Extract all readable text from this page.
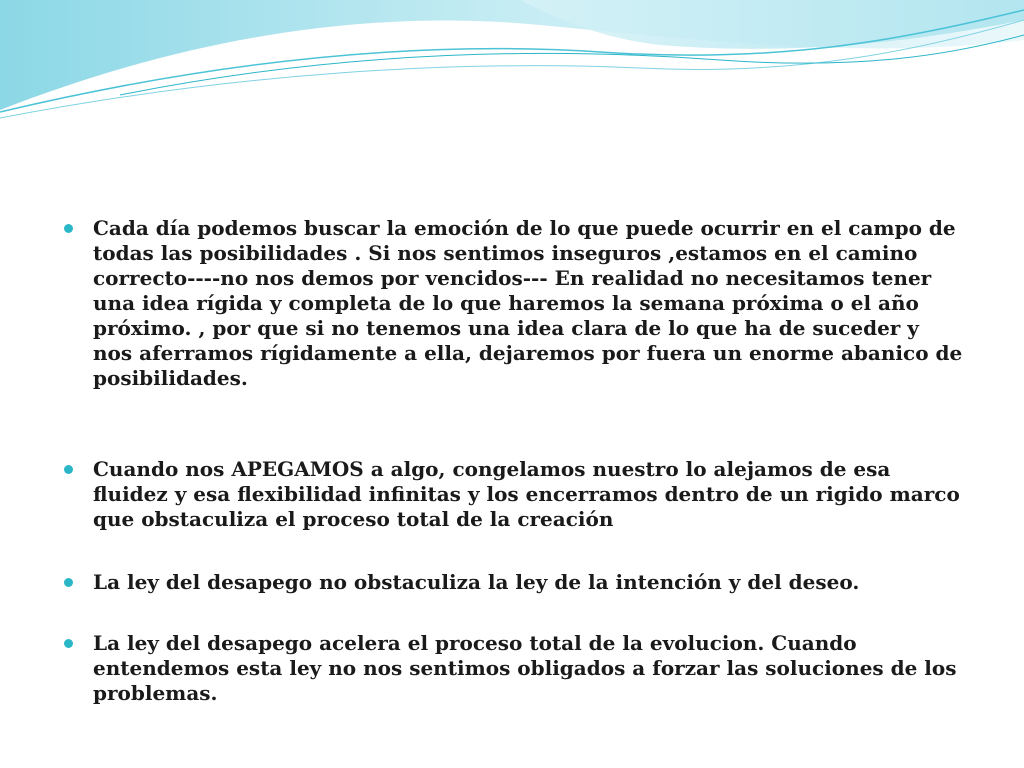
Cada día podemos buscar la emoción de lo que puede ocurrir en el campo de todas las posibilidades . Si nos sentimos inseguros ,estamos en el camino correcto----no nos demos por vencidos--- En realidad no necesitamos tener una idea rígida y completa de lo que haremos la semana próxima o el año próximo. , por que si no tenemos una idea clara de lo que ha de suceder y nos aferramos rígidamente a ella, dejaremos por fuera un enorme abanico de posibilidades.
Cuando nos APEGAMOS a algo, congelamos nuestro lo alejamos de esa fluidez y esa flexibilidad infinitas y los encerramos dentro de un rigido marco que obstaculiza el proceso total de la creación
La ley del desapego no obstaculiza la ley de la intención y del deseo.
La ley del desapego acelera el proceso total de la evolucion. Cuando entendemos esta ley no nos sentimos obligados a forzar las soluciones de los problemas.
